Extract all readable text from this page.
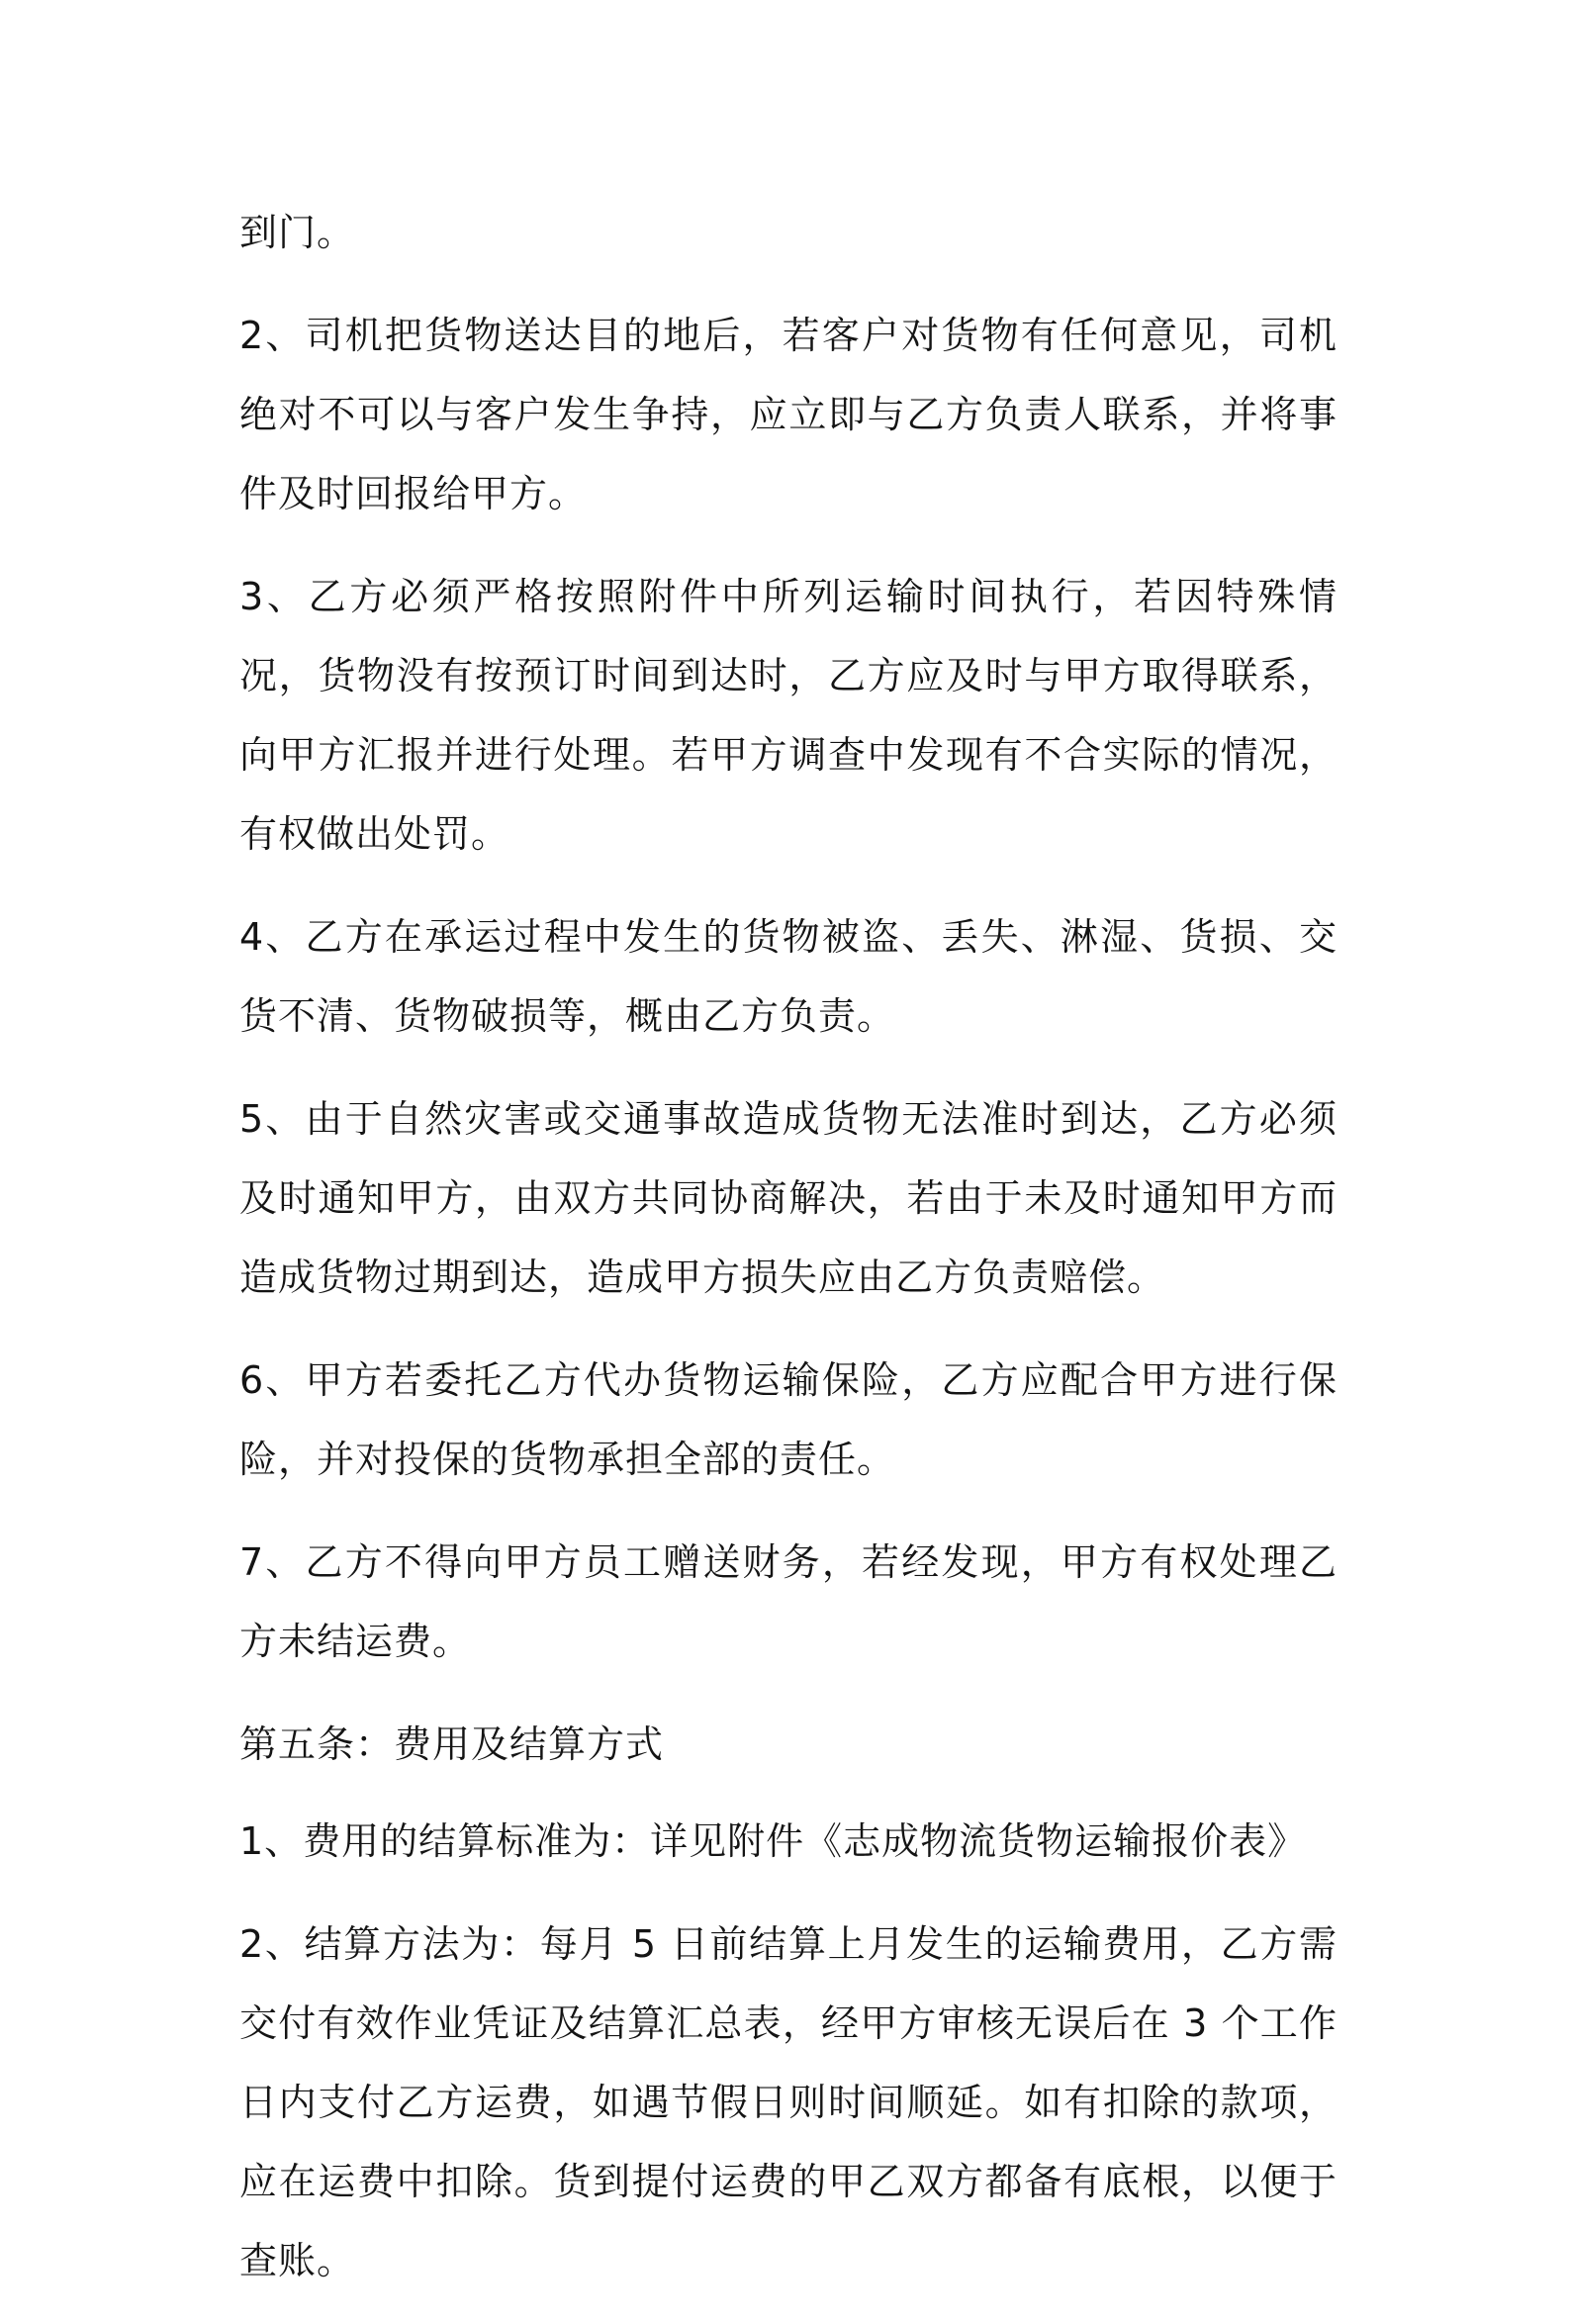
到门。

2、司机把货物送达目的地后，若客户对货物有任何意见，司机绝对不可以与客户发生争持，应立即与乙方负责人联系，并将事件及时回报给甲方。

3、乙方必须严格按照附件中所列运输时间执行，若因特殊情况，货物没有按预订时间到达时，乙方应及时与甲方取得联系，向甲方汇报并进行处理。若甲方调查中发现有不合实际的情况，有权做出处罚。

4、乙方在承运过程中发生的货物被盗、丢失、淋湿、货损、交货不清、货物破损等，概由乙方负责。

5、由于自然灾害或交通事故造成货物无法准时到达，乙方必须及时通知甲方，由双方共同协商解决，若由于未及时通知甲方而造成货物过期到达，造成甲方损失应由乙方负责赔偿。

6、甲方若委托乙方代办货物运输保险，乙方应配合甲方进行保险，并对投保的货物承担全部的责任。

7、乙方不得向甲方员工赠送财务，若经发现，甲方有权处理乙方未结运费。

第五条：费用及结算方式

1、费用的结算标准为：详见附件《志成物流货物运输报价表》

2、结算方法为：每月 5 日前结算上月发生的运输费用，乙方需交付有效作业凭证及结算汇总表，经甲方审核无误后在 3 个工作日内支付乙方运费，如遇节假日则时间顺延。如有扣除的款项，应在运费中扣除。货到提付运费的甲乙双方都备有底根，以便于查账。
